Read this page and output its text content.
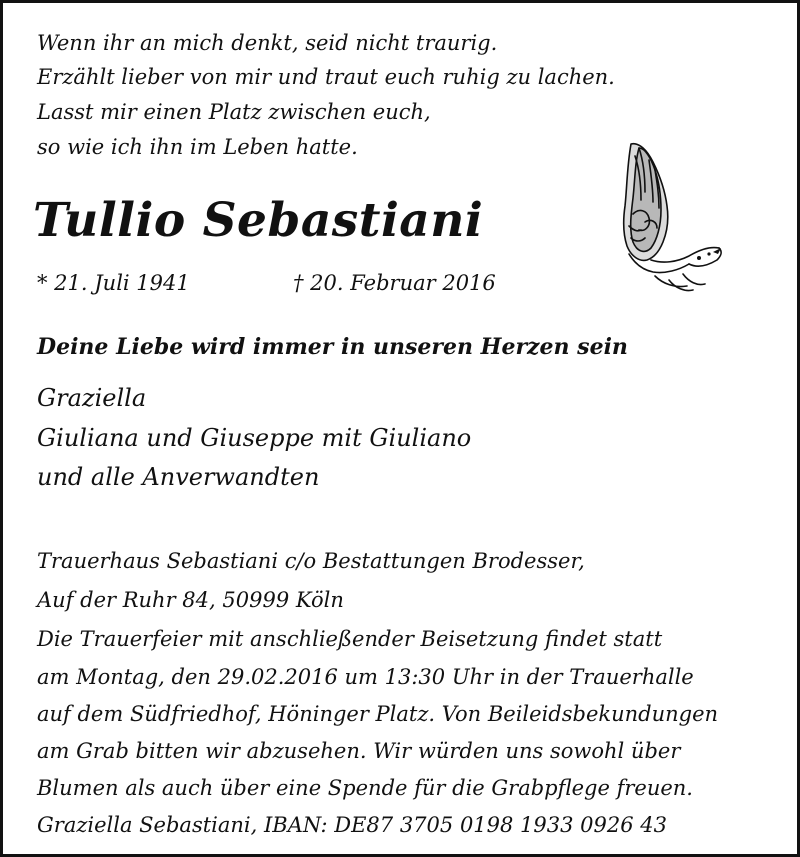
Wenn ihr an mich denkt, seid nicht traurig.
Erzählt lieber von mir und traut euch ruhig zu lachen.
Lasst mir einen Platz zwischen euch,
so wie ich ihn im Leben hatte.
Tullio Sebastiani
* 21. Juli 1941	† 20. Februar 2016
Deine Liebe wird immer in unseren Herzen sein
Graziella
Giuliana und Giuseppe mit Giuliano
und alle Anverwandten
Trauerhaus Sebastiani c/o Bestattungen Brodesser,
Auf der Ruhr 84, 50999 Köln
Die Trauerfeier mit anschließender Beisetzung findet statt
am Montag, den 29.02.2016 um 13:30 Uhr in der Trauerhalle
auf dem Südfriedhof, Höninger Platz. Von Beileidsbekundungen
am Grab bitten wir abzusehen. Wir würden uns sowohl über
Blumen als auch über eine Spende für die Grabpflege freuen.
Graziella Sebastiani, IBAN: DE87 3705 0198 1933 0926 43
